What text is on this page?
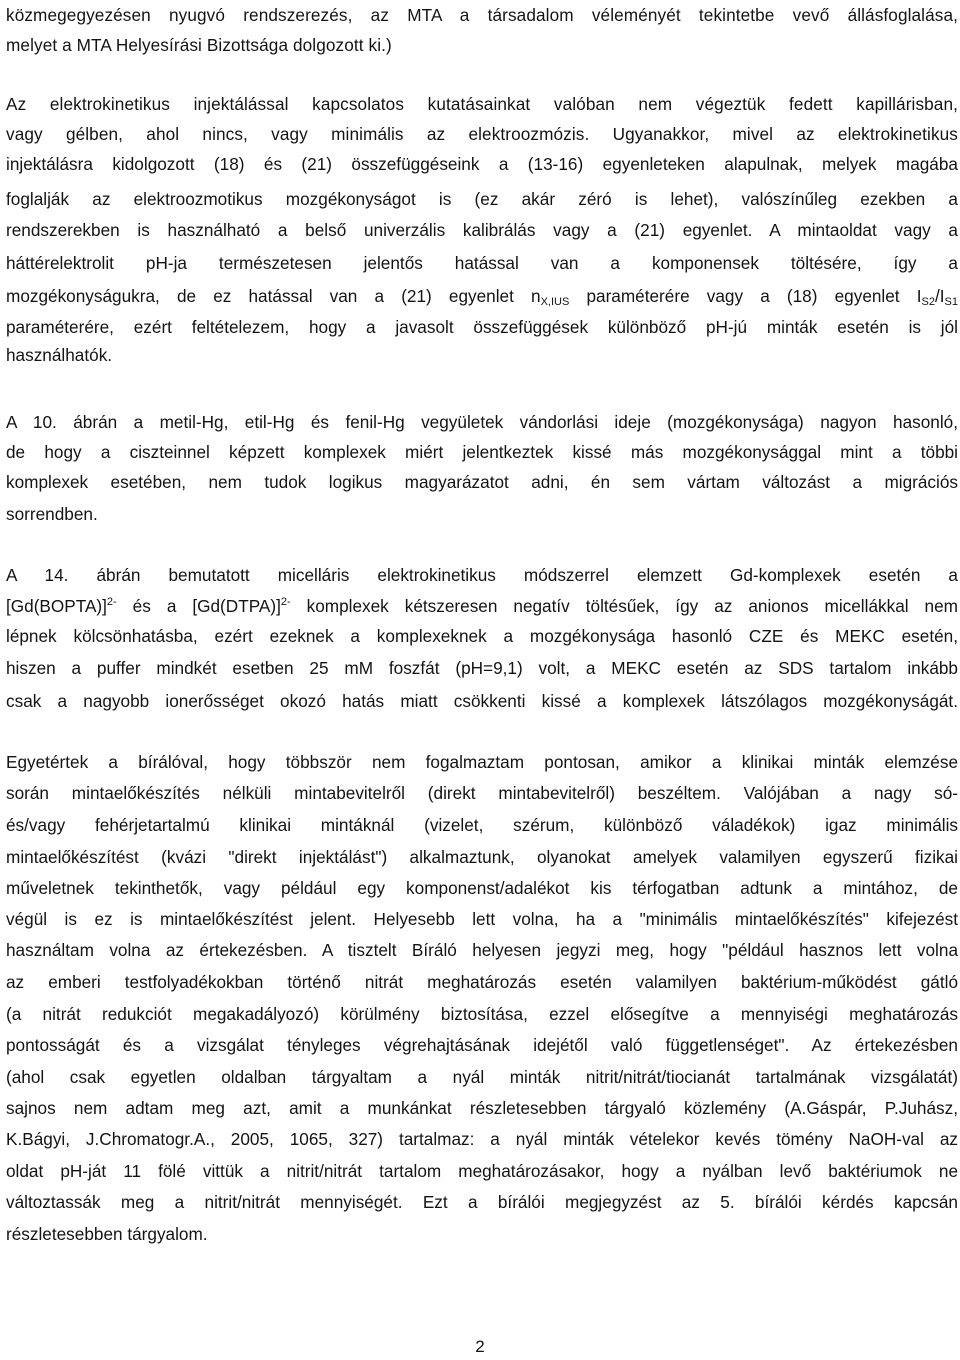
közmegegyezésen nyugvó rendszerezés, az MTA a társadalom véleményét tekintetbe vevő állásfoglalása,
melyet a MTA Helyesírási Bizottsága dolgozott ki.)
Az elektrokinetikus injektálással kapcsolatos kutatásainkat valóban nem végeztük fedett kapillárisban,
vagy gélben, ahol nincs, vagy minimális az elektroozmózis. Ugyanakkor, mivel az elektrokinetikus
injektálásra kidolgozott (18) és (21) összefüggéseink a (13-16) egyenleteken alapulnak, melyek magába
foglalják az elektroozmotikus mozgékonyságot is (ez akár zéró is lehet), valószínűleg ezekben a
rendszerekben is használható a belső univerzális kalibrálás vagy a (21) egyenlet. A mintaoldat vagy a
háttérelektrolit pH-ja természetesen jelentős hatással van a komponensek töltésére, így a
mozgékonyságukra, de ez hatással van a (21) egyenlet $n_{X,IUS}$ paraméterére vagy a (18) egyenlet $I_{S2}/I_{S1}$
paraméterére, ezért feltételezem, hogy a javasolt összefüggések különböző pH-jú minták esetén is jól
használhatók.
A 10. ábrán a metil-Hg, etil-Hg és fenil-Hg vegyületek vándorlási ideje (mozgékonysága) nagyon hasonló,
de hogy a ciszteinnel képzett komplexek miért jelentkeztek kissé más mozgékonysággal mint a többi
komplexek esetében, nem tudok logikus magyarázatot adni, én sem vártam változást a migrációs
sorrendben.
A 14. ábrán bemutatott micelláris elektrokinetikus módszerrel elemzett Gd-komplexek esetén a
[Gd(BOPTA)]$^{2-}$ és a [Gd(DTPA)]$^{2-}$ komplexek kétszeresen negatív töltésűek, így az anionos micellákkal nem
lépnek kölcsönhatásba, ezért ezeknek a komplexeknek a mozgékonysága hasonló CZE és MEKC esetén,
hiszen a puffer mindkét esetben 25 mM foszfát (pH=9,1) volt, a MEKC esetén az SDS tartalom inkább
csak a nagyobb ionerősséget okozó hatás miatt csökkenti kissé a komplexek látszólagos mozgékonyságát.
Egyetértek a bírálóval, hogy többször nem fogalmaztam pontosan, amikor a klinikai minták elemzése
során mintaelőkészítés nélküli mintabevitelről (direkt mintabevitelről) beszéltem. Valójában a nagy só-
és/vagy fehérjetartalmú klinikai mintáknál (vizelet, szérum, különböző váladékok) igaz minimális
mintaelőkészítést (kvázi "direkt injektálást") alkalmaztunk, olyanokat amelyek valamilyen egyszerű fizikai
műveletnek tekinthetők, vagy például egy komponenst/adalékot kis térfogatban adtunk a mintához, de
végül is ez is mintaelőkészítést jelent. Helyesebb lett volna, ha a "minimális mintaelőkészítés" kifejezést
használtam volna az értekezésben. A tisztelt Bíráló helyesen jegyzi meg, hogy "például hasznos lett volna
az emberi testfolyadékokban történő nitrát meghatározás esetén valamilyen baktérium-működést gátló
(a nitrát redukciót megakadályozó) körülmény biztosítása, ezzel elősegítve a mennyiségi meghatározás
pontosságát és a vizsgálat tényleges végrehajtásának idejétől való függetlenséget". Az értekezésben
(ahol csak egyetlen oldalban tárgyaltam a nyál minták nitrit/nitrát/tiocianát tartalmának vizsgálatát)
sajnos nem adtam meg azt, amit a munkánkat részletesebben tárgyaló közlemény (A.Gáspár, P.Juhász,
K.Bágyi, J.Chromatogr.A., 2005, 1065, 327) tartalmaz: a nyál minták vételekor kevés tömény NaOH-val az
oldat pH-ját 11 fölé vittük a nitrit/nitrát tartalom meghatározásakor, hogy a nyálban levő baktériumok ne
változtassák meg a nitrit/nitrát mennyiségét. Ezt a bírálói megjegyzést az 5. bírálói kérdés kapcsán
részletesebben tárgyalom.
2
